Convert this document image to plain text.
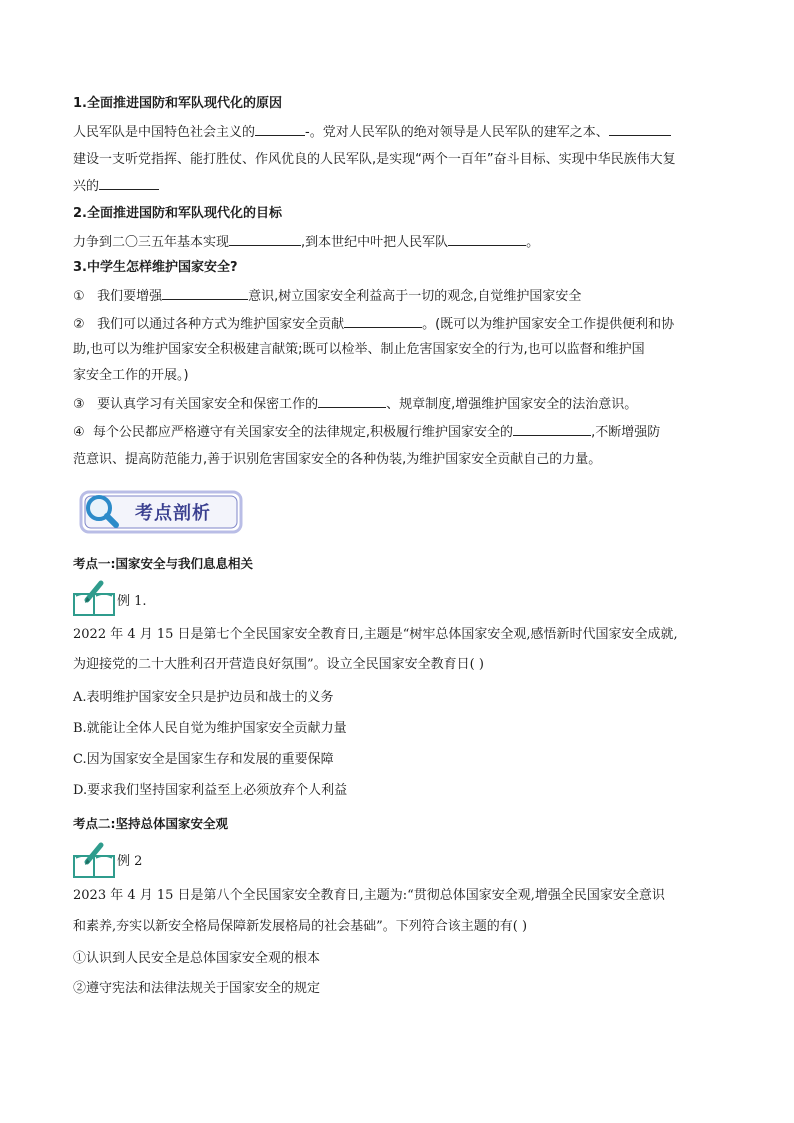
1.全面推进国防和军队现代化的原因
人民军队是中国特色社会主义的	-。党对人民军队的绝对领导是人民军队的建军之本、
建设一支听党指挥、能打胜仗、作风优良的人民军队,是实现“两个一百年”奋斗目标、实现中华民族伟大复
兴的
2.全面推进国防和军队现代化的目标
力争到二〇三五年基本实现	,到本世纪中叶把人民军队	。
3.中学生怎样维护国家安全?
① 我们要增强	意识,树立国家安全利益高于一切的观念,自觉维护国家安全
② 我们可以通过各种方式为维护国家安全贡献	。(既可以为维护国家安全工作提供便利和协
助,也可以为维护国家安全积极建言献策;既可以检举、制止危害国家安全的行为,也可以监督和维护国
家安全工作的开展。)
③ 要认真学习有关国家安全和保密工作的	、规章制度,增强维护国家安全的法治意识。
④ 每个公民都应严格遵守有关国家安全的法律规定,积极履行维护国家安全的	,不断增强防
范意识、提高防范能力,善于识别危害国家安全的各种伪装,为维护国家安全贡献自己的力量。
考点剖析
考点一:国家安全与我们息息相关
例 1.
2022 年 4 月 15 日是第七个全民国家安全教育日,主题是“树牢总体国家安全观,感悟新时代国家安全成就,
为迎接党的二十大胜利召开营造良好氛围”。设立全民国家安全教育日( )
A.表明维护国家安全只是护边员和战士的义务
B.就能让全体人民自觉为维护国家安全贡献力量
C.因为国家安全是国家生存和发展的重要保障
D.要求我们坚持国家利益至上必须放弃个人利益
考点二:坚持总体国家安全观
例 2
2023 年 4 月 15 日是第八个全民国家安全教育日,主题为:“贯彻总体国家安全观,增强全民国家安全意识
和素养,夯实以新安全格局保障新发展格局的社会基础”。下列符合该主题的有( )
①认识到人民安全是总体国家安全观的根本
②遵守宪法和法律法规关于国家安全的规定
